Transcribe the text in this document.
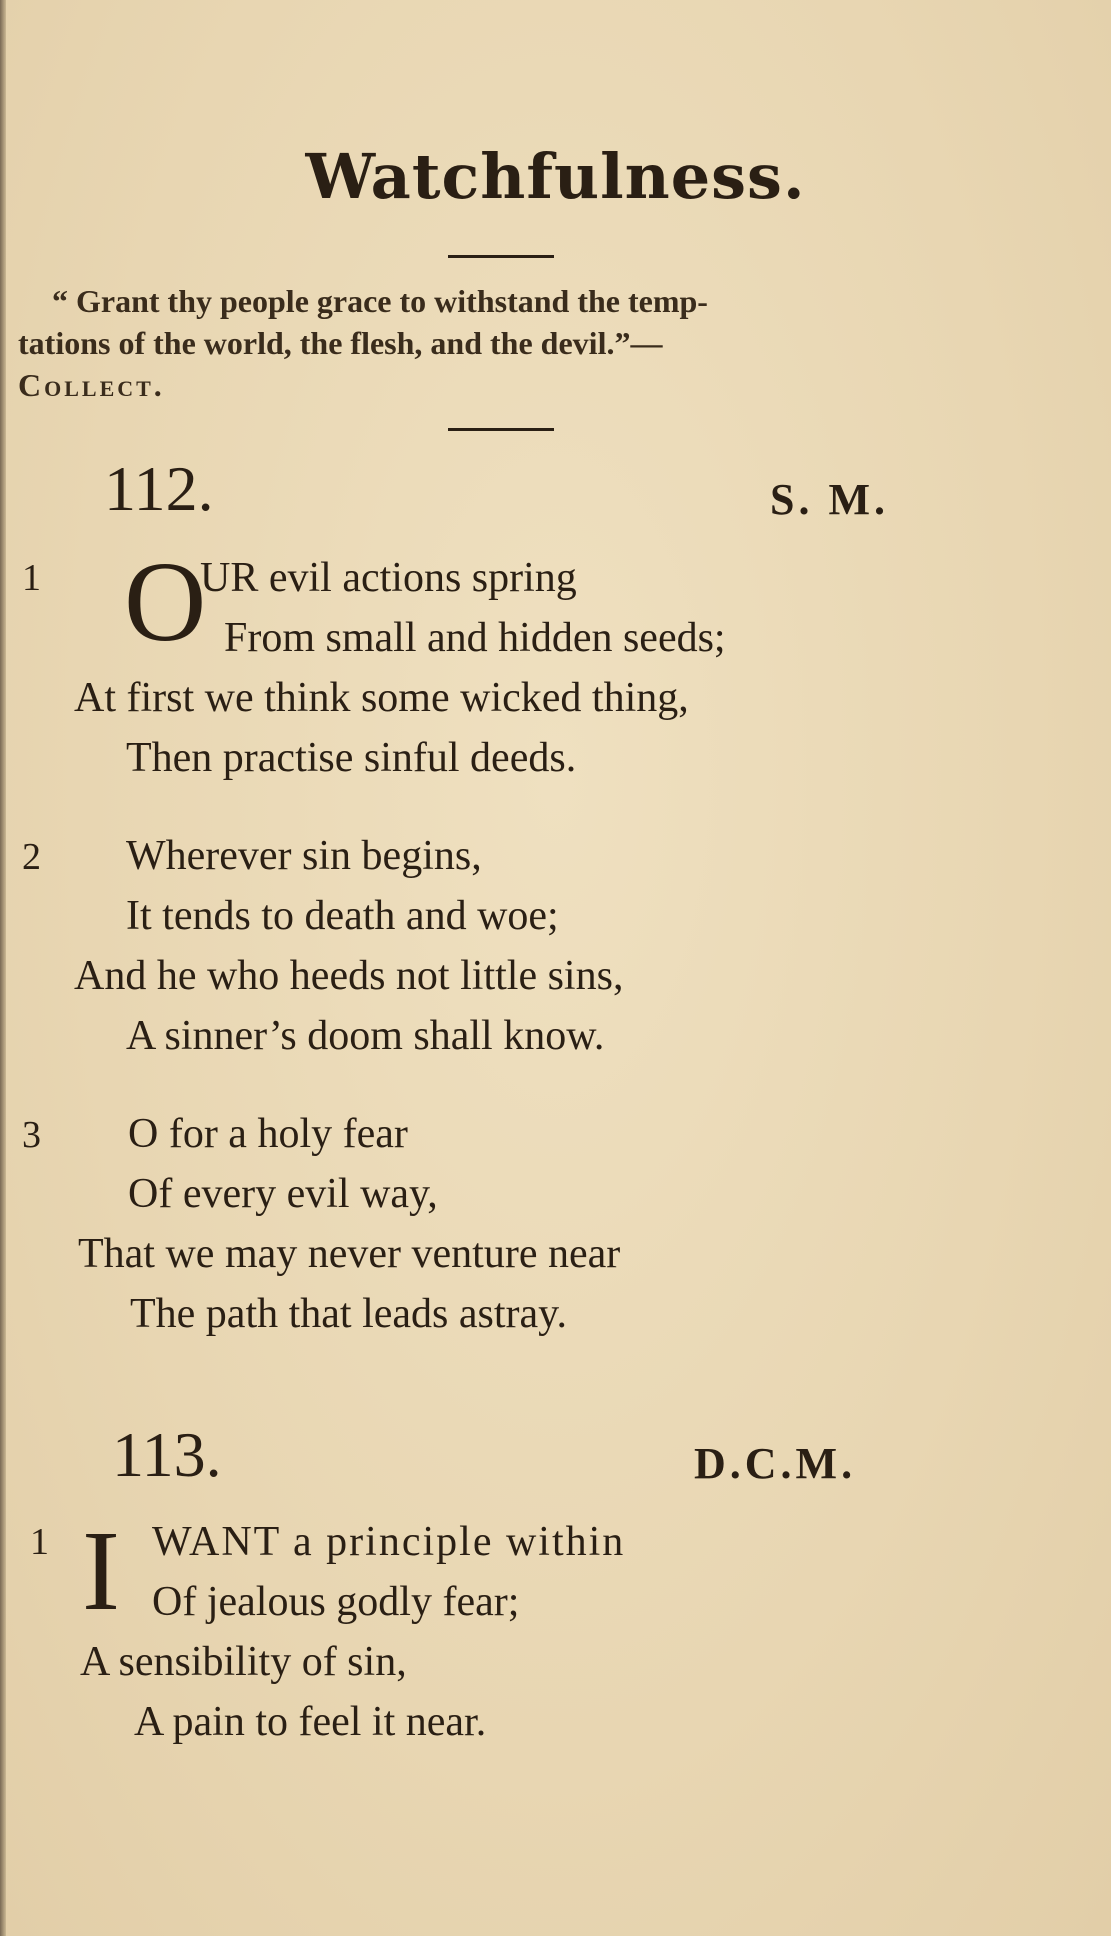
Watchfulness.
“ Grant thy people grace to withstand the temp-
tations of the world, the flesh, and the devil.”—
Collect.
112.	S. M.
1 O
UR evil actions spring
From small and hidden seeds;
At first we think some wicked thing,
Then practise sinful deeds.
2 Wherever sin begins,
It tends to death and woe;
And he who heeds not little sins,
A sinner’s doom shall know.
3 O for a holy fear
Of every evil way,
That we may never venture near
The path that leads astray.
113.	D.C.M.
1 I WANT a principle within
Of jealous godly fear;
A sensibility of sin,
A pain to feel it near.
